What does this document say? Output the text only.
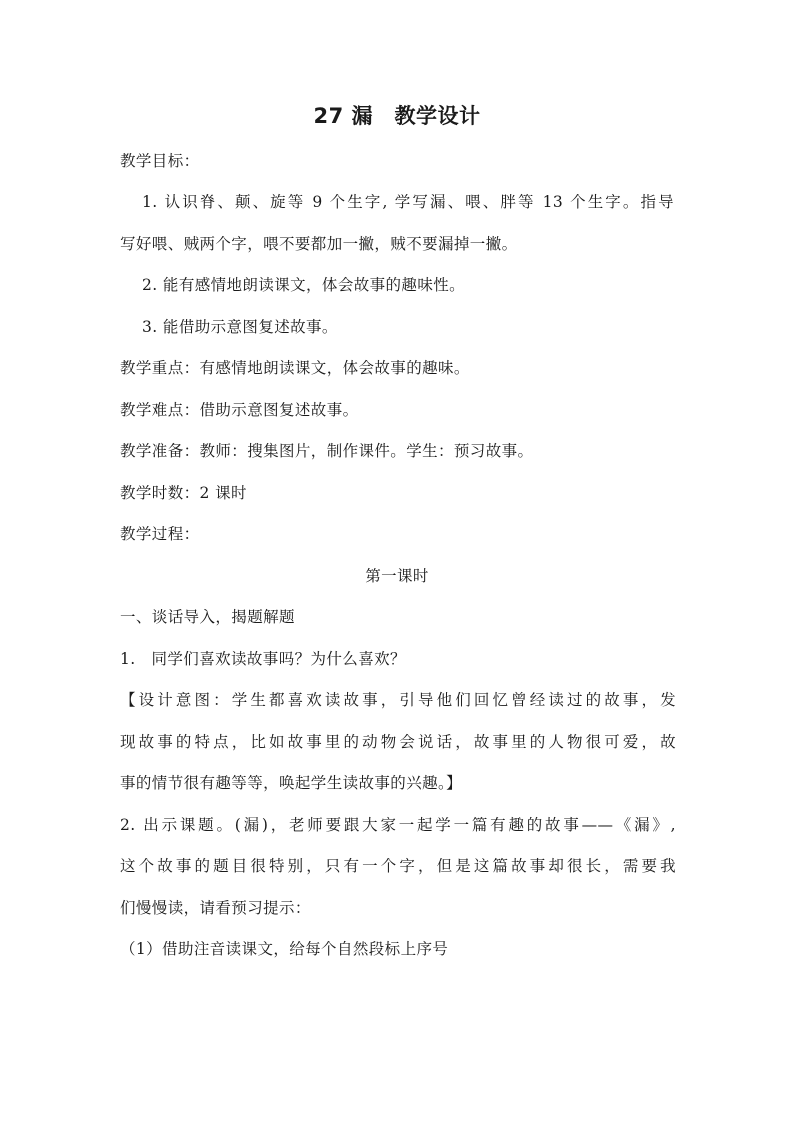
27 漏　教学设计
教学目标：
1. 认识脊、颠、旋等 9 个生字, 学写漏、喂、胖等 13 个生字。指导
写好喂、贼两个字，喂不要都加一撇，贼不要漏掉一撇。
2. 能有感情地朗读课文，体会故事的趣味性。
3. 能借助示意图复述故事。
教学重点：有感情地朗读课文，体会故事的趣味。
教学难点：借助示意图复述故事。
教学准备：教师：搜集图片，制作课件。学生：预习故事。
教学时数：2 课时
教学过程：
第一课时
一、谈话导入，揭题解题
1.　同学们喜欢读故事吗？为什么喜欢？
【设计意图：学生都喜欢读故事，引导他们回忆曾经读过的故事，发
现故事的特点，比如故事里的动物会说话，故事里的人物很可爱，故
事的情节很有趣等等，唤起学生读故事的兴趣。】
2. 出示课题。(漏)，老师要跟大家一起学一篇有趣的故事——《漏》,
这个故事的题目很特别，只有一个字，但是这篇故事却很长，需要我
们慢慢读，请看预习提示：
（1）借助注音读课文，给每个自然段标上序号
